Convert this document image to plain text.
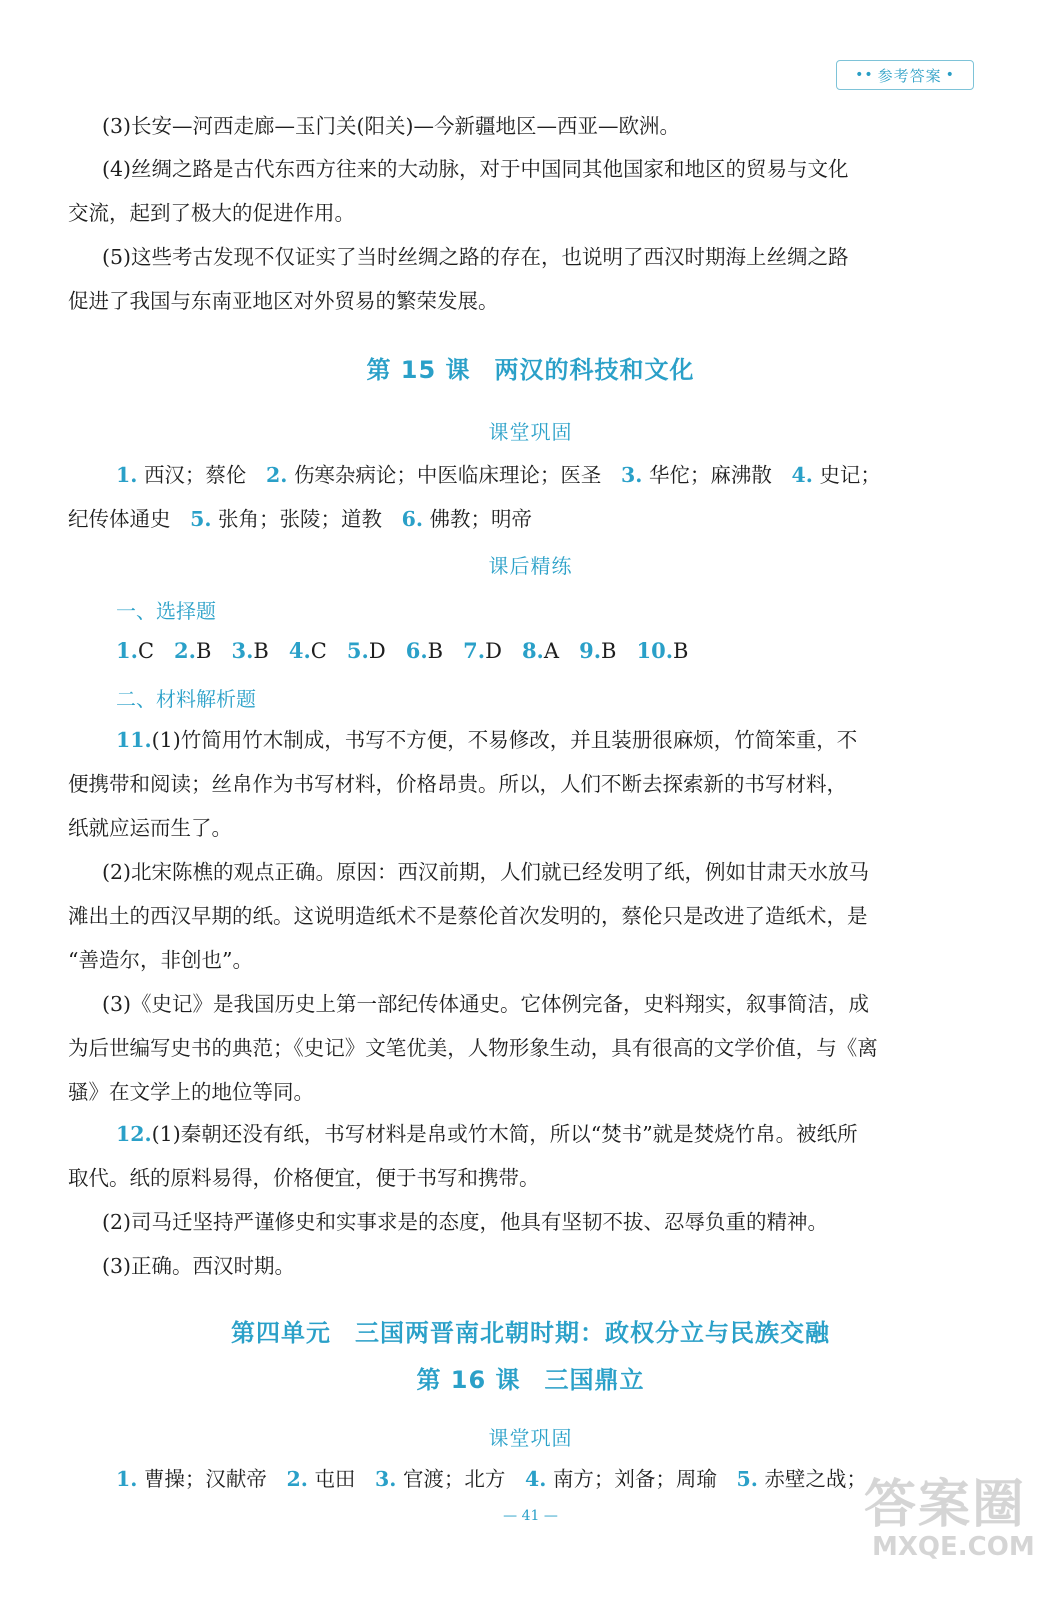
•• 参考答案 •
(3)长安—河西走廊—玉门关(阳关)—今新疆地区—西亚—欧洲。
(4)丝绸之路是古代东西方往来的大动脉，对于中国同其他国家和地区的贸易与文化
交流，起到了极大的促进作用。
(5)这些考古发现不仅证实了当时丝绸之路的存在，也说明了西汉时期海上丝绸之路
促进了我国与东南亚地区对外贸易的繁荣发展。
第 15 课 两汉的科技和文化
课堂巩固
1. 西汉；蔡伦 2. 伤寒杂病论；中医临床理论；医圣 3. 华佗；麻沸散 4. 史记；
纪传体通史 5. 张角；张陵；道教 6. 佛教；明帝
课后精练
一、选择题
1.C 2.B 3.B 4.C 5.D 6.B 7.D 8.A 9.B 10.B
二、材料解析题
11.(1)竹简用竹木制成，书写不方便，不易修改，并且装册很麻烦，竹简笨重，不
便携带和阅读；丝帛作为书写材料，价格昂贵。所以，人们不断去探索新的书写材料，
纸就应运而生了。
(2)北宋陈樵的观点正确。原因：西汉前期，人们就已经发明了纸，例如甘肃天水放马
滩出土的西汉早期的纸。这说明造纸术不是蔡伦首次发明的，蔡伦只是改进了造纸术，是
“善造尔，非创也”。
(3)《史记》是我国历史上第一部纪传体通史。它体例完备，史料翔实，叙事简洁，成
为后世编写史书的典范；《史记》文笔优美，人物形象生动，具有很高的文学价值，与《离
骚》在文学上的地位等同。
12.(1)秦朝还没有纸，书写材料是帛或竹木简，所以“焚书”就是焚烧竹帛。被纸所
取代。纸的原料易得，价格便宜，便于书写和携带。
(2)司马迁坚持严谨修史和实事求是的态度，他具有坚韧不拔、忍辱负重的精神。
(3)正确。西汉时期。
第四单元 三国两晋南北朝时期：政权分立与民族交融
第 16 课 三国鼎立
课堂巩固
1. 曹操；汉献帝 2. 屯田 3. 官渡；北方 4. 南方；刘备；周瑜 5. 赤壁之战；
— 41 —	答案圈
MXQE.COM
